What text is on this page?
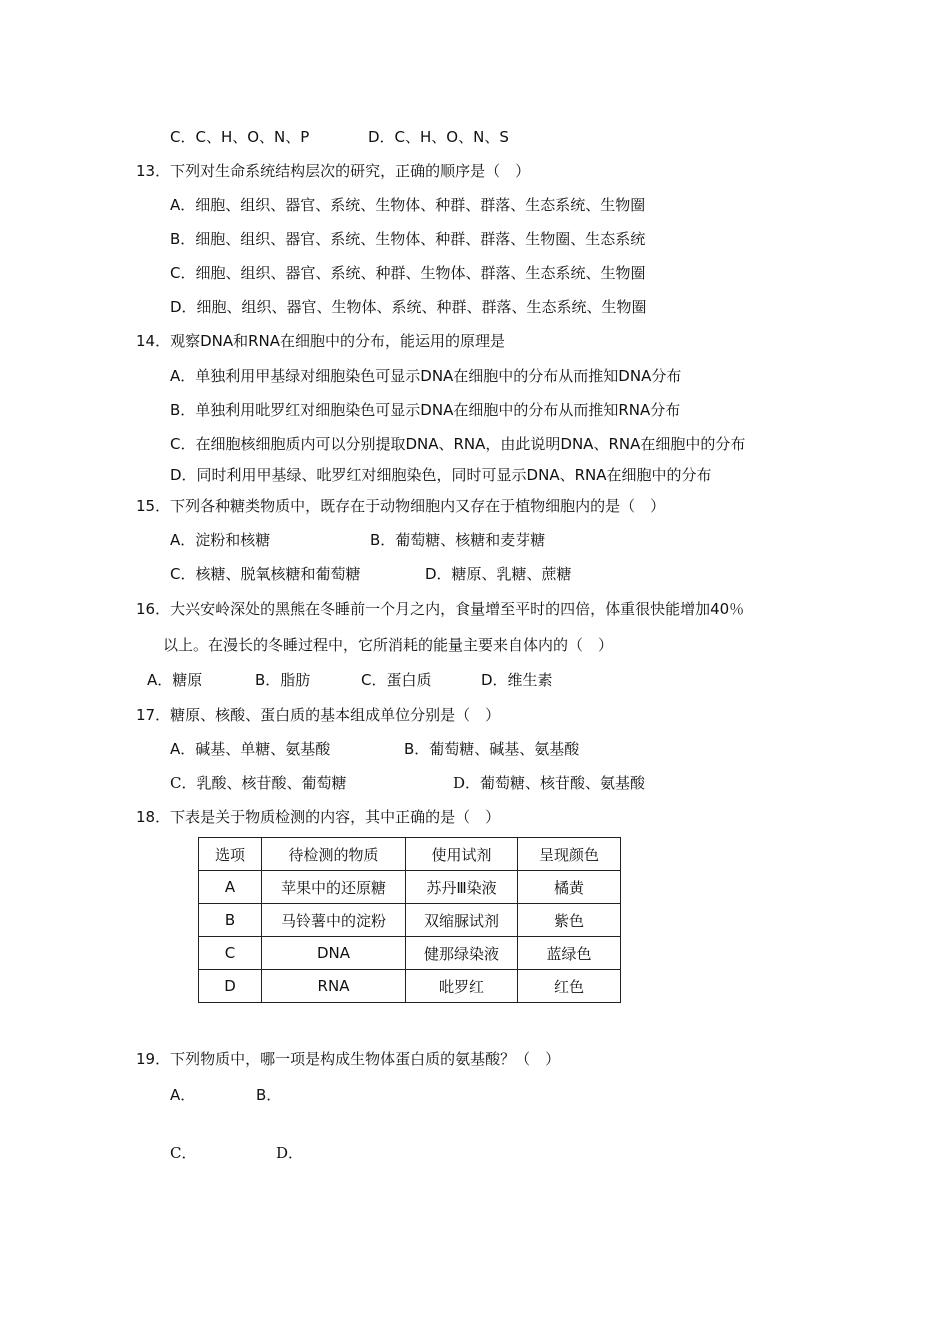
C．C、H、O、N、P	D．C、H、O、N、S
13．下列对生命系统结构层次的研究，正确的顺序是（　）
A．细胞、组织、器官、系统、生物体、种群、群落、生态系统、生物圈
B．细胞、组织、器官、系统、生物体、种群、群落、生物圈、生态系统
C．细胞、组织、器官、系统、种群、生物体、群落、生态系统、生物圈
D．细胞、组织、器官、生物体、系统、种群、群落、生态系统、生物圈
14．观察DNA和RNA在细胞中的分布，能运用的原理是
A．单独利用甲基绿对细胞染色可显示DNA在细胞中的分布从而推知DNA分布
B．单独利用吡罗红对细胞染色可显示DNA在细胞中的分布从而推知RNA分布
C．在细胞核细胞质内可以分别提取DNA、RNA，由此说明DNA、RNA在细胞中的分布
D．同时利用甲基绿、吡罗红对细胞染色，同时可显示DNA、RNA在细胞中的分布
15．下列各种糖类物质中，既存在于动物细胞内又存在于植物细胞内的是（　）
A．淀粉和核糖	B．葡萄糖、核糖和麦芽糖
C．核糖、脱氧核糖和葡萄糖	D．糖原、乳糖、蔗糖
16．大兴安岭深处的黑熊在冬睡前一个月之内，食量增至平时的四倍，体重很快能增加40％
以上。在漫长的冬睡过程中，它所消耗的能量主要来自体内的（　）
A．糖原	B．脂肪	C．蛋白质	D．维生素
17．糖原、核酸、蛋白质的基本组成单位分别是（　）
A．碱基、单糖、氨基酸	B．葡萄糖、碱基、氨基酸
C．乳酸、核苷酸、葡萄糖	D．葡萄糖、核苷酸、氨基酸
18．下表是关于物质检测的内容，其中正确的是（　）
选项	待检测的物质	使用试剂	呈现颜色
A	苹果中的还原糖	苏丹Ⅲ染液	橘黄
B	马铃薯中的淀粉	双缩脲试剂	紫色
C	DNA	健那绿染液	蓝绿色
D	RNA	吡罗红	红色
19．下列物质中，哪一项是构成生物体蛋白质的氨基酸？（　）
A．	B．
C．	D．
